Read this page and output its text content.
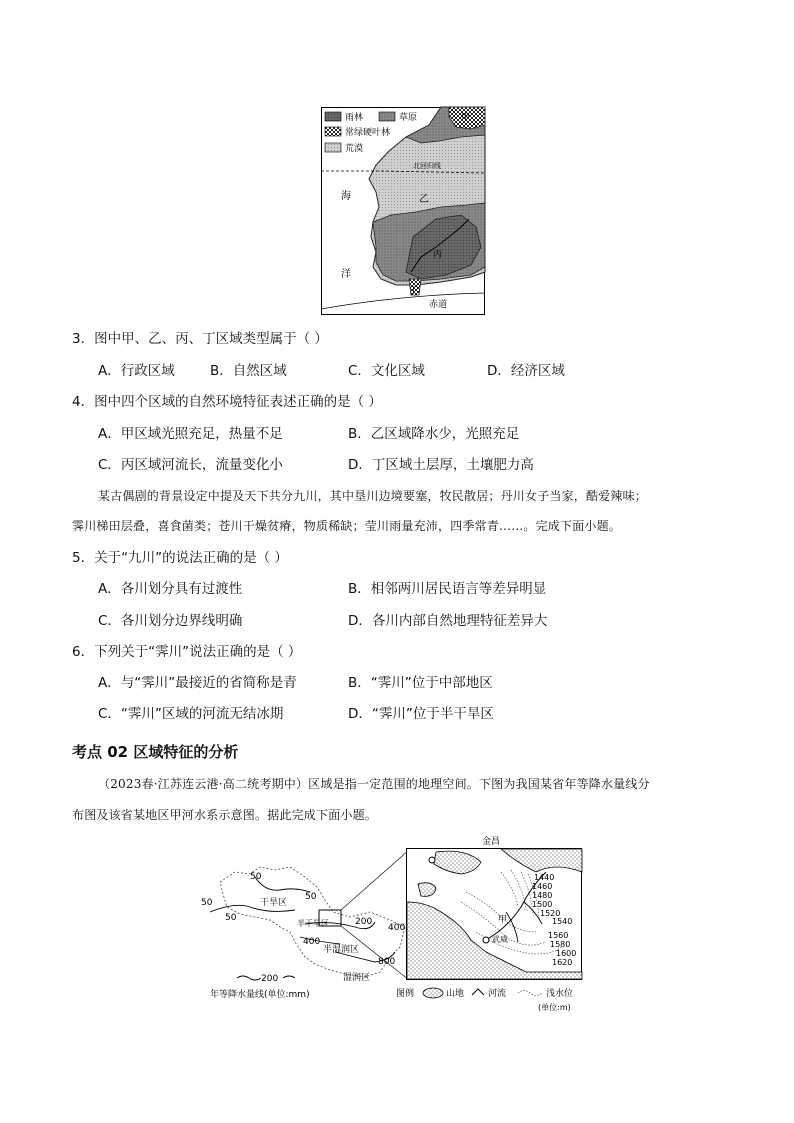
雨林	草原
常绿硬叶林
荒漠
甲
北回归线
乙
丙
丁
赤道
海
洋
3．图中甲、乙、丙、丁区域类型属于（ ）
A．行政区域	B．自然区域	C．文化区域	D．经济区域
4．图中四个区域的自然环境特征表述正确的是（ ）
A．甲区域光照充足，热量不足	B．乙区域降水少，光照充足
C．丙区域河流长，流量变化小	D．丁区域土层厚，土壤肥力高
某古偶剧的背景设定中提及天下共分九川，其中垦川边境要塞，牧民散居；丹川女子当家，酷爱辣味；
霁川梯田层叠，喜食菌类；苍川干燥贫瘠，物质稀缺；莹川雨量充沛，四季常青……。完成下面小题。
5．关于“九川”的说法正确的是（ ）
A．各川划分具有过渡性	B．相邻两川居民语言等差异明显
C．各川划分边界线明确	D．各川内部自然地理特征差异大
6．下列关于“霁川”说法正确的是（ ）
A．与“霁川”最接近的省简称是青	B．“霁川”位于中部地区
C．“霁川”区域的河流无结冰期	D．“霁川”位于半干旱区
考点 02 区域特征的分析
（2023春·江苏连云港·高二统考期中）区域是指一定范围的地理空间。下图为我国某省年等降水量线分
布图及该省某地区甲河水系示意图。据此完成下面小题。
50
50
50
50	200
400
400
800
干旱区
半干旱区
半湿润区
湿润区
200
年等降水量线(单位:mm)
金昌
武威
甲
1440
1460
1480
1500
1520
1540
1560
1580
1600
1620
图例	山地	河流	浅水位
(单位:m)
